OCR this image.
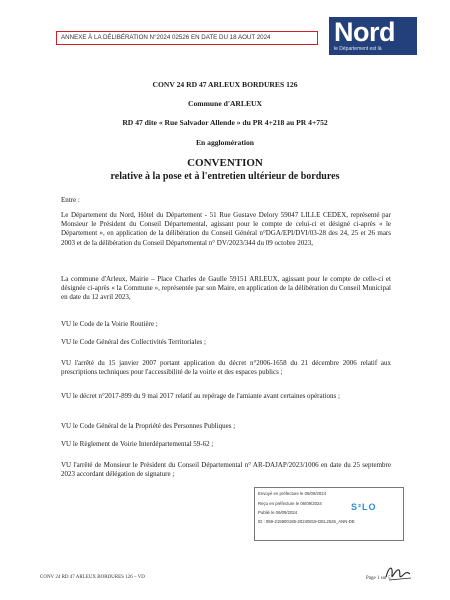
ANNEXE À LA DÉLIBÉRATION N°2024 02526 EN DATE DU 18 AOUT 2024	Nord
le Département est là
CONV 24 RD 47 ARLEUX BORDURES 126
Commune d'ARLEUX
RD 47 dite « Rue Salvador Allende » du PR 4+218 au PR 4+752
En agglomération
CONVENTION
relative à la pose et à l'entretien ultérieur de bordures
Entre :
Le Département du Nord, Hôtel du Département - 51 Rue Gustave Delory 59047 LILLE CEDEX, représenté par Monsieur le Président du Conseil Départemental, agissant pour le compte de celui-ci et désigné ci-après « le Département », en application de la délibération du Conseil Général n°DGA/EPI/DVI/03-28 des 24, 25 et 26 mars 2003 et de la délibération du Conseil Départemental n° DV/2023/344 du 09 octobre 2023,
La commune d'Arleux, Mairie – Place Charles de Gaulle 59151 ARLEUX, agissant pour le compte de celle-ci et désignée ci-après « la Commune », représentée par son Maire, en application de la délibération du Conseil Municipal en date du 12 avril 2023,
VU le Code de la Voirie Routière ;
VU le Code Général des Collectivités Territoriales ;
VU l'arrêté du 15 janvier 2007 portant application du décret n°2006-1658 du 21 décembre 2006 relatif aux prescriptions techniques pour l'accessibilité de la voirie et des espaces publics ;
VU le décret n°2017-899 du 9 mai 2017 relatif au repérage de l'amiante avant certaines opérations ;
VU le Code Général de la Propriété des Personnes Publiques ;
VU le Règlement de Voirie Interdépartemental 59-62 ;
VU l'arrêté de Monsieur le Président du Conseil Départemental n° AR-DAJAP/2023/1006 en date du 25 septembre 2023 accordant délégation de signature ;
Envoyé en préfecture le 06/09/2024
Reçu en préfecture le 06/09/2024
Publié le 06/09/2024
ID : 059-215900185-20240819-DEL2526_ANN-DE
S²LO
CONV 24 RD 47 ARLEUX BORDURES 126 – VD	Page 1 sur 5
